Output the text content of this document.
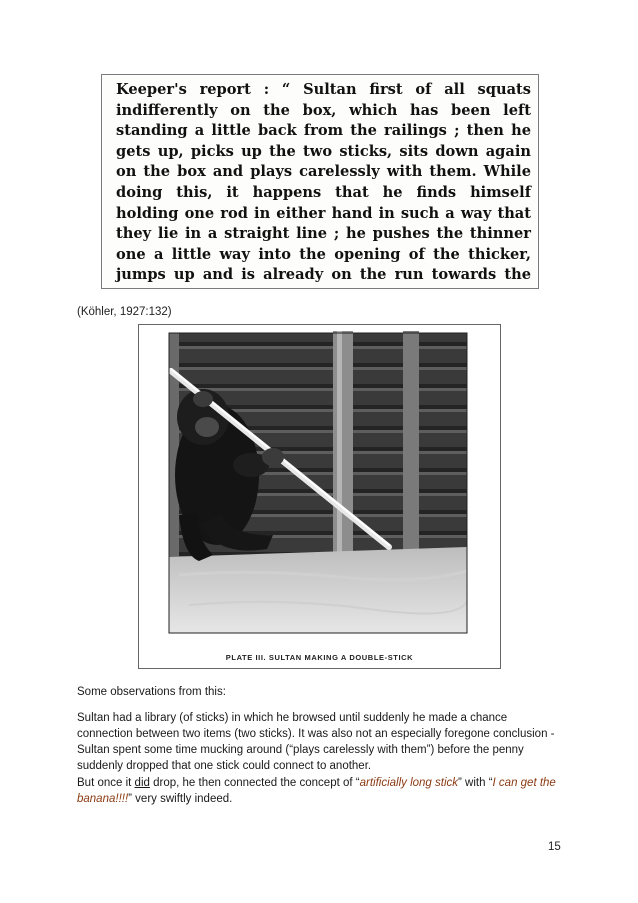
Keeper's report : “ Sultan first of all squats indifferently on the box, which has been left standing a little back from the railings ; then he gets up, picks up the two sticks, sits down again on the box and plays carelessly with them. While doing this, it happens that he finds himself holding one rod in either hand in such a way that they lie in a straight line ; he pushes the thinner one a little way into the opening of the thicker, jumps up and is already on the run towards the

(Köhler, 1927:132)
PLATE III. SULTAN MAKING A DOUBLE-STICK

Some observations from this:

Sultan had a library (of sticks) in which he browsed until suddenly he made a chance connection between two items (two sticks). It was also not an especially foregone conclusion - Sultan spent some time mucking around (“plays carelessly with them”) before the penny suddenly dropped that one stick could connect to another.

But once it did drop, he then connected the concept of “artificially long stick” with “I can get the banana!!!!” very swiftly indeed.

15
